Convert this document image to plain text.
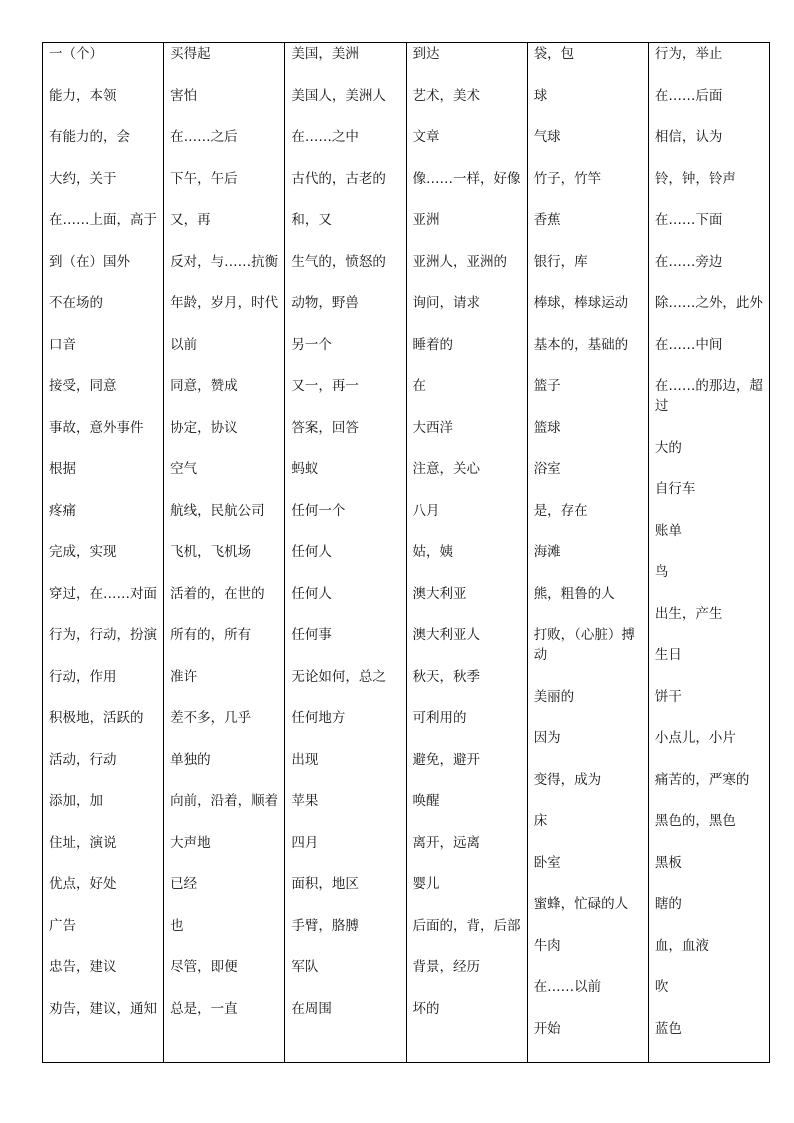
一（个）
能力，本领
有能力的，会
大约，关于
在……上面，高于
到（在）国外
不在场的
口音
接受，同意
事故，意外事件
根据
疼痛
完成，实现
穿过，在……对面
行为，行动，扮演
行动，作用
积极地，活跃的
活动，行动
添加，加
住址，演说
优点，好处
广告
忠告，建议
劝告，建议，通知
买得起
害怕
在……之后
下午，午后
又，再
反对，与……抗衡
年龄，岁月，时代
以前
同意，赞成
协定，协议
空气
航线，民航公司
飞机，飞机场
活着的，在世的
所有的，所有
准许
差不多，几乎
单独的
向前，沿着，顺着
大声地
已经
也
尽管，即便
总是，一直
美国，美洲
美国人，美洲人
在……之中
古代的，古老的
和，又
生气的，愤怒的
动物，野兽
另一个
又一，再一
答案，回答
蚂蚁
任何一个
任何人
任何人
任何事
无论如何，总之
任何地方
出现
苹果
四月
面积，地区
手臂，胳膊
军队
在周围
到达
艺术，美术
文章
像……一样，好像
亚洲
亚洲人，亚洲的
询问，请求
睡着的
在
大西洋
注意，关心
八月
姑，姨
澳大利亚
澳大利亚人
秋天，秋季
可利用的
避免，避开
唤醒
离开，远离
婴儿
后面的，背，后部
背景，经历
坏的
袋，包
球
气球
竹子，竹竿
香蕉
银行，库
棒球，棒球运动
基本的，基础的
篮子
篮球
浴室
是，存在
海滩
熊，粗鲁的人
打败，（心脏）搏动
美丽的
因为
变得，成为
床
卧室
蜜蜂，忙碌的人
牛肉
在……以前
开始
行为，举止
在……后面
相信，认为
铃，钟，铃声
在……下面
在……旁边
除……之外，此外
在……中间
在……的那边，超过
大的
自行车
账单
鸟
出生，产生
生日
饼干
小点儿，小片
痛苦的，严寒的
黑色的，黑色
黑板
瞎的
血，血液
吹
蓝色
